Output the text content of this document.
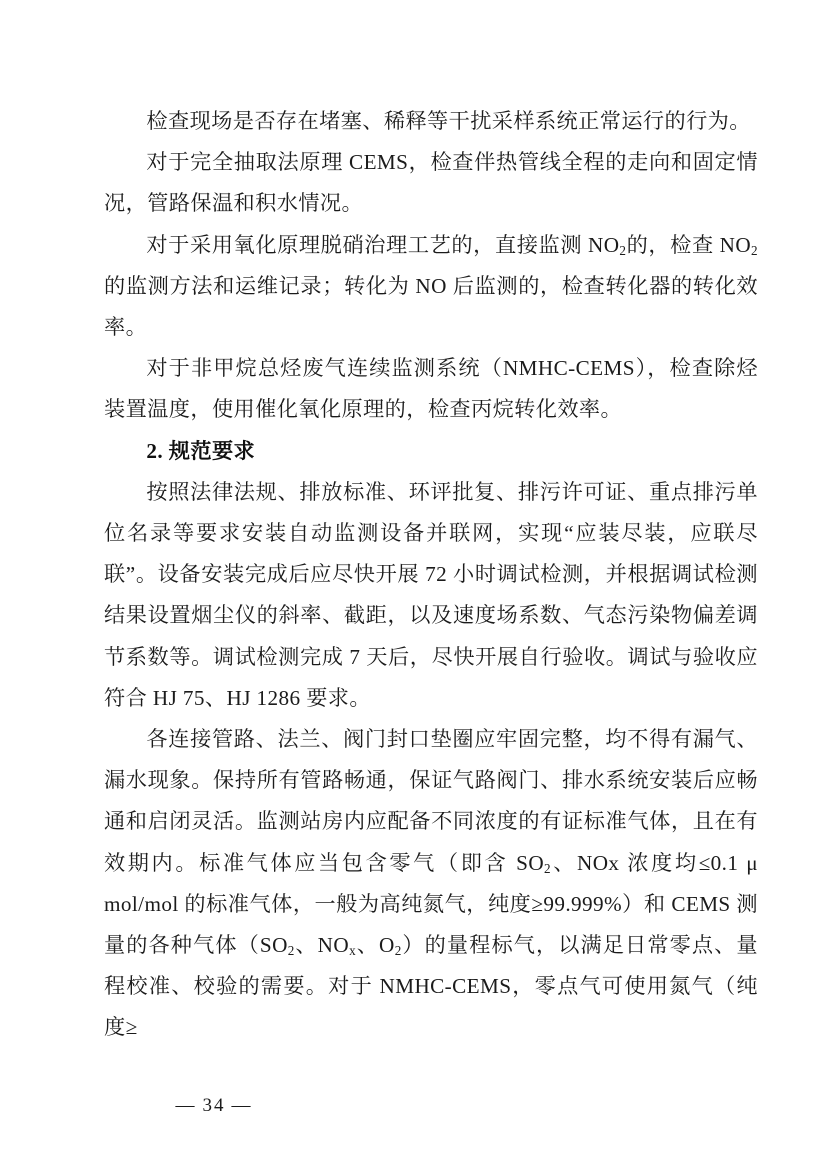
检查现场是否存在堵塞、稀释等干扰采样系统正常运行的行为。

对于完全抽取法原理 CEMS，检查伴热管线全程的走向和固定情况，管路保温和积水情况。

对于采用氧化原理脱硝治理工艺的，直接监测 $NO_2$的，检查 $NO_2$的监测方法和运维记录；转化为 NO 后监测的，检查转化器的转化效率。

对于非甲烷总烃废气连续监测系统（NMHC-CEMS），检查除烃装置温度，使用催化氧化原理的，检查丙烷转化效率。

2. 规范要求

按照法律法规、排放标准、环评批复、排污许可证、重点排污单位名录等要求安装自动监测设备并联网，实现“应装尽装，应联尽联”。设备安装完成后应尽快开展 72 小时调试检测，并根据调试检测结果设置烟尘仪的斜率、截距，以及速度场系数、气态污染物偏差调节系数等。调试检测完成 7 天后，尽快开展自行验收。调试与验收应符合 HJ 75、HJ 1286 要求。

各连接管路、法兰、阀门封口垫圈应牢固完整，均不得有漏气、漏水现象。保持所有管路畅通，保证气路阀门、排水系统安装后应畅通和启闭灵活。监测站房内应配备不同浓度的有证标准气体，且在有效期内。标准气体应当包含零气（即含 $SO_2$、NOx 浓度均≤0.1 μ mol/mol 的标准气体，一般为高纯氮气，纯度≥99.999%）和 CEMS 测量的各种气体（$SO_2$、$NO_x$、$O_2$）的量程标气，以满足日常零点、量程校准、校验的需要。对于 NMHC-CEMS，零点气可使用氮气（纯度≥

— 34 —
